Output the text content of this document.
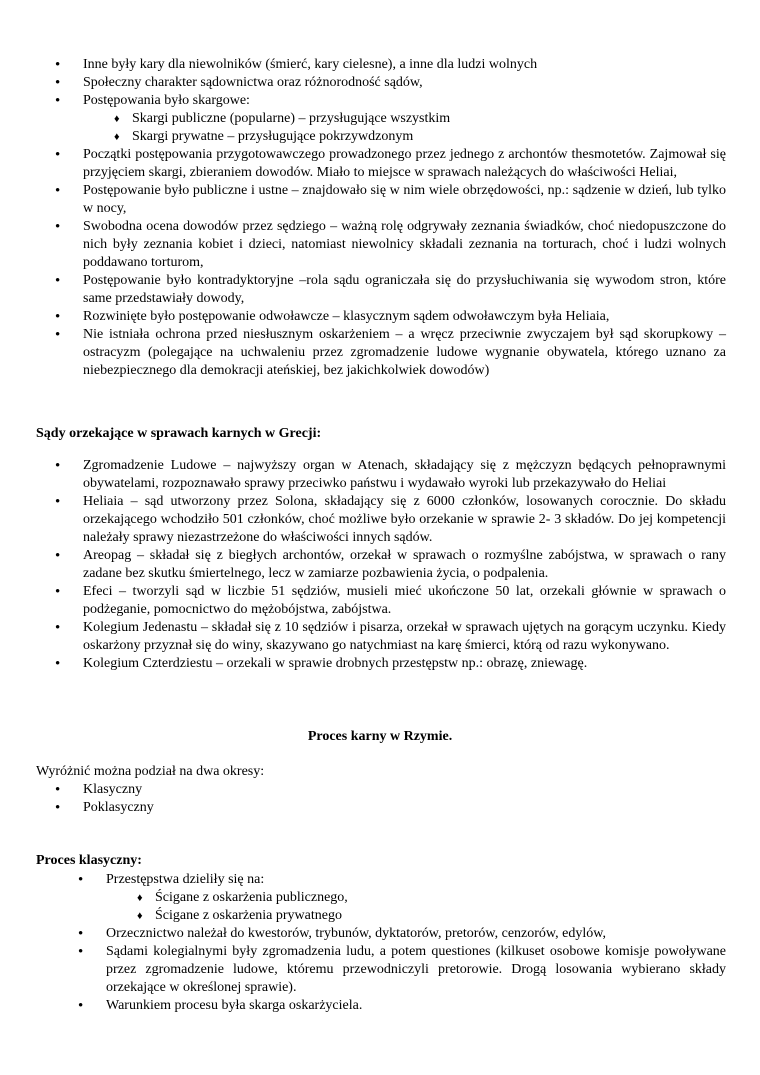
• Inne były kary dla niewolników (śmierć, kary cielesne), a inne dla ludzi wolnych
• Społeczny charakter sądownictwa oraz różnorodność sądów,
• Postępowania było skargowe:
♦ Skargi publiczne (popularne) – przysługujące wszystkim
♦ Skargi prywatne – przysługujące pokrzywdzonym
• Początki postępowania przygotowawczego prowadzonego przez jednego z archontów thesmotetów. Zajmował się przyjęciem skargi, zbieraniem dowodów. Miało to miejsce w sprawach należących do właściwości Heliai,
• Postępowanie było publiczne i ustne – znajdowało się w nim wiele obrzędowości, np.: sądzenie w dzień, lub tylko w nocy,
• Swobodna ocena dowodów przez sędziego – ważną rolę odgrywały zeznania świadków, choć niedopuszczone do nich były zeznania kobiet i dzieci, natomiast niewolnicy składali zeznania na torturach, choć i ludzi wolnych poddawano torturom,
• Postępowanie było kontradyktoryjne –rola sądu ograniczała się do przysłuchiwania się wywodom stron, które same przedstawiały dowody,
• Rozwinięte było postępowanie odwoławcze – klasycznym sądem odwoławczym była Heliaia,
• Nie istniała ochrona przed niesłusznym oskarżeniem – a wręcz przeciwnie zwyczajem był sąd skorupkowy – ostracyzm (polegające na uchwaleniu przez zgromadzenie ludowe wygnanie obywatela, którego uznano za niebezpiecznego dla demokracji ateńskiej, bez jakichkolwiek dowodów)
Sądy orzekające w sprawach karnych w Grecji:
• Zgromadzenie Ludowe – najwyższy organ w Atenach, składający się z mężczyzn będących pełnoprawnymi obywatelami, rozpoznawało sprawy przeciwko państwu i wydawało wyroki lub przekazywało do Heliai
• Heliaia – sąd utworzony przez Solona, składający się z 6000 członków, losowanych corocznie. Do składu orzekającego wchodziło 501 członków, choć możliwe było orzekanie w sprawie 2- 3 składów. Do jej kompetencji należały sprawy niezastrzeżone do właściwości innych sądów.
• Areopag – składał się z biegłych archontów, orzekał w sprawach o rozmyślne zabójstwa, w sprawach o rany zadane bez skutku śmiertelnego, lecz w zamiarze pozbawienia życia, o podpalenia.
• Efeci – tworzyli sąd w liczbie 51 sędziów, musieli mieć ukończone 50 lat, orzekali głównie w sprawach o podżeganie, pomocnictwo do mężobójstwa, zabójstwa.
• Kolegium Jedenastu – składał się z 10 sędziów i pisarza, orzekał w sprawach ujętych na gorącym uczynku. Kiedy oskarżony przyznał się do winy, skazywano go natychmiast na karę śmierci, którą od razu wykonywano.
• Kolegium Czterdziestu – orzekali w sprawie drobnych przestępstw np.: obrazę, zniewagę.
Proces karny w Rzymie.
Wyróżnić można podział na dwa okresy:
• Klasyczny
• Poklasyczny
Proces klasyczny:
• Przestępstwa dzieliły się na:
♦ Ścigane z oskarżenia publicznego,
♦ Ścigane z oskarżenia prywatnego
• Orzecznictwo należał do kwestorów, trybunów, dyktatorów, pretorów, cenzorów, edylów,
• Sądami kolegialnymi były zgromadzenia ludu, a potem questiones (kilkuset osobowe komisje powoływane przez zgromadzenie ludowe, któremu przewodniczyli pretorowie. Drogą losowania wybierano składy orzekające w określonej sprawie).
• Warunkiem procesu była skarga oskarżyciela.
